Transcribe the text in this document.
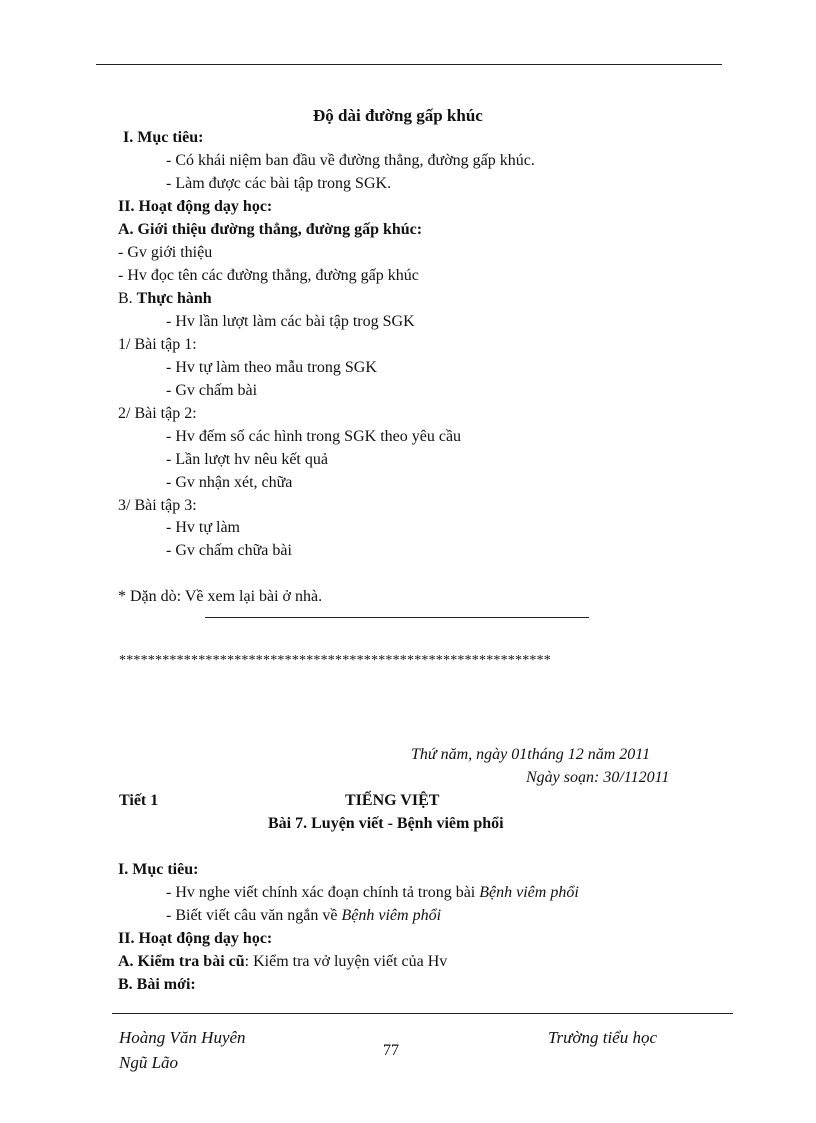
Độ dài đường gấp khúc
I. Mục tiêu:
- Có khái niệm ban đầu về đường thẳng, đường gấp khúc.
- Làm được các bài tập trong SGK.
II. Hoạt động dạy học:
A. Giới thiệu đường thẳng, đường gấp khúc:
- Gv giới thiệu
- Hv đọc tên các đường thẳng, đường gấp khúc
B. Thực hành
- Hv lần lượt làm các bài tập trog SGK
1/ Bài tập 1:
- Hv tự làm theo mẫu trong SGK
- Gv chấm bài
2/ Bài tập 2:
- Hv đếm số các hình trong SGK theo yêu cầu
- Lần lượt hv nêu kết quả
- Gv nhận xét, chữa
3/ Bài tập 3:
- Hv tự làm
- Gv chấm chữa bài
* Dặn dò: Về xem lại bài ở nhà.
************************************************************
Thứ năm, ngày 01tháng 12 năm 2011
Ngày soạn: 30/112011
Tiết 1	TIẾNG VIỆT
Bài 7. Luyện viết - Bệnh viêm phổi
I. Mục tiêu:
- Hv nghe viết chính xác đoạn chính tả trong bài Bệnh viêm phổi
- Biết viết câu văn ngắn về Bệnh viêm phổi
II. Hoạt động dạy học:
A. Kiểm tra bài cũ: Kiểm tra vở luyện viết của Hv
B. Bài mới:
Hoàng Văn Huyên
Ngũ Lão
77
Trường tiểu học
